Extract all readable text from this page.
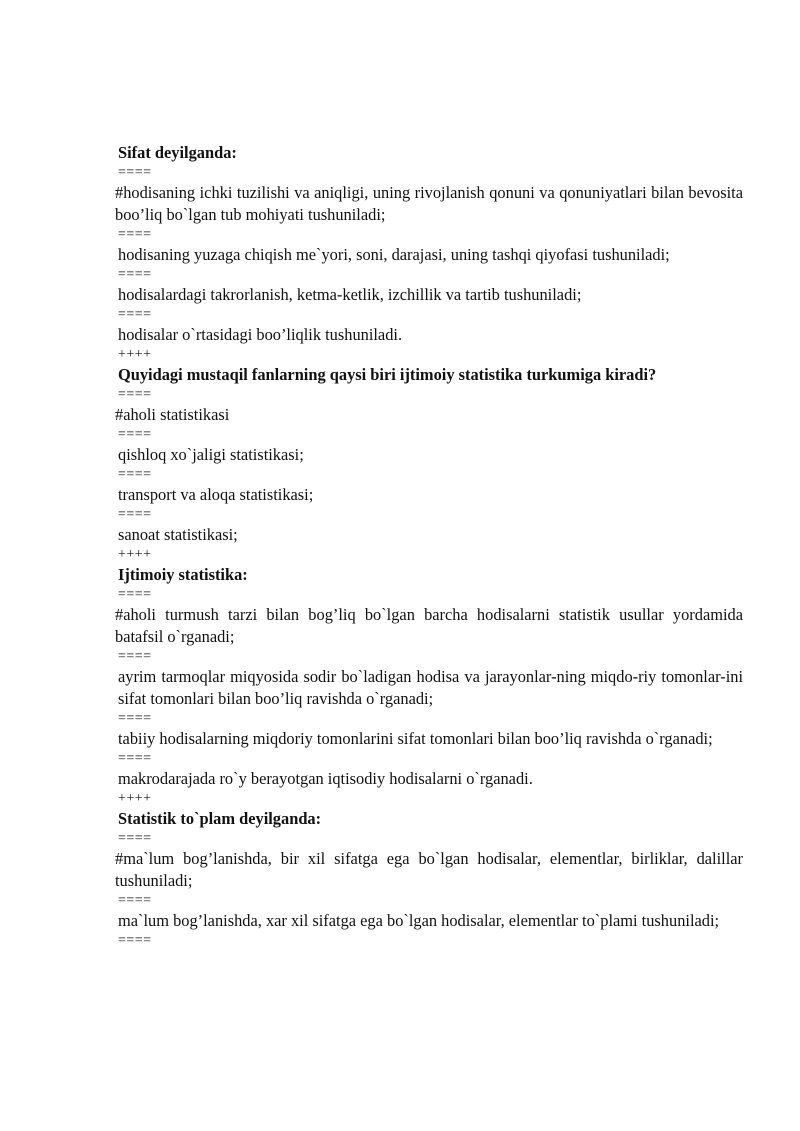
Sifat deyilganda:

====

#hodisaning ichki tuzilishi va aniqligi, uning rivojlanish qonuni va qonuniyatlari bilan bevosita boo’liq bo`lgan tub mohiyati tushuniladi;

====

hodisaning yuzaga chiqish me`yori, soni, darajasi, uning tashqi qiyofasi tushuniladi;

====

hodisalardagi takrorlanish, ketma-ketlik, izchillik va tartib tushuniladi;

====

hodisalar o`rtasidagi boo’liqlik tushuniladi.

++++

Quyidagi mustaqil fanlarning qaysi biri ijtimoiy statistika turkumiga kiradi?

====

#aholi statistikasi

====

qishloq xo`jaligi statistikasi;

====

transport va aloqa statistikasi;

====

sanoat statistikasi;

++++

Ijtimoiy statistika:

====

#aholi turmush tarzi bilan bog’liq bo`lgan barcha hodisalarni statistik usullar yordamida batafsil o`rganadi;

====

ayrim tarmoqlar miqyosida sodir bo`ladigan hodisa va jarayonlar-ning miqdo-riy tomonlar-ini sifat tomonlari bilan boo’liq ravishda o`rganadi;

====

tabiiy hodisalarning miqdoriy tomonlarini sifat tomonlari bilan boo’liq ravishda o`rganadi;

====

makrodarajada ro`y berayotgan iqtisodiy hodisalarni o`rganadi.

++++

Statistik to`plam deyilganda:

====

#ma`lum bog’lanishda, bir xil sifatga ega bo`lgan hodisalar, elementlar, birliklar, dalillar tushuniladi;

====

ma`lum bog’lanishda, xar xil sifatga ega bo`lgan hodisalar, elementlar to`plami tushuniladi;

====
